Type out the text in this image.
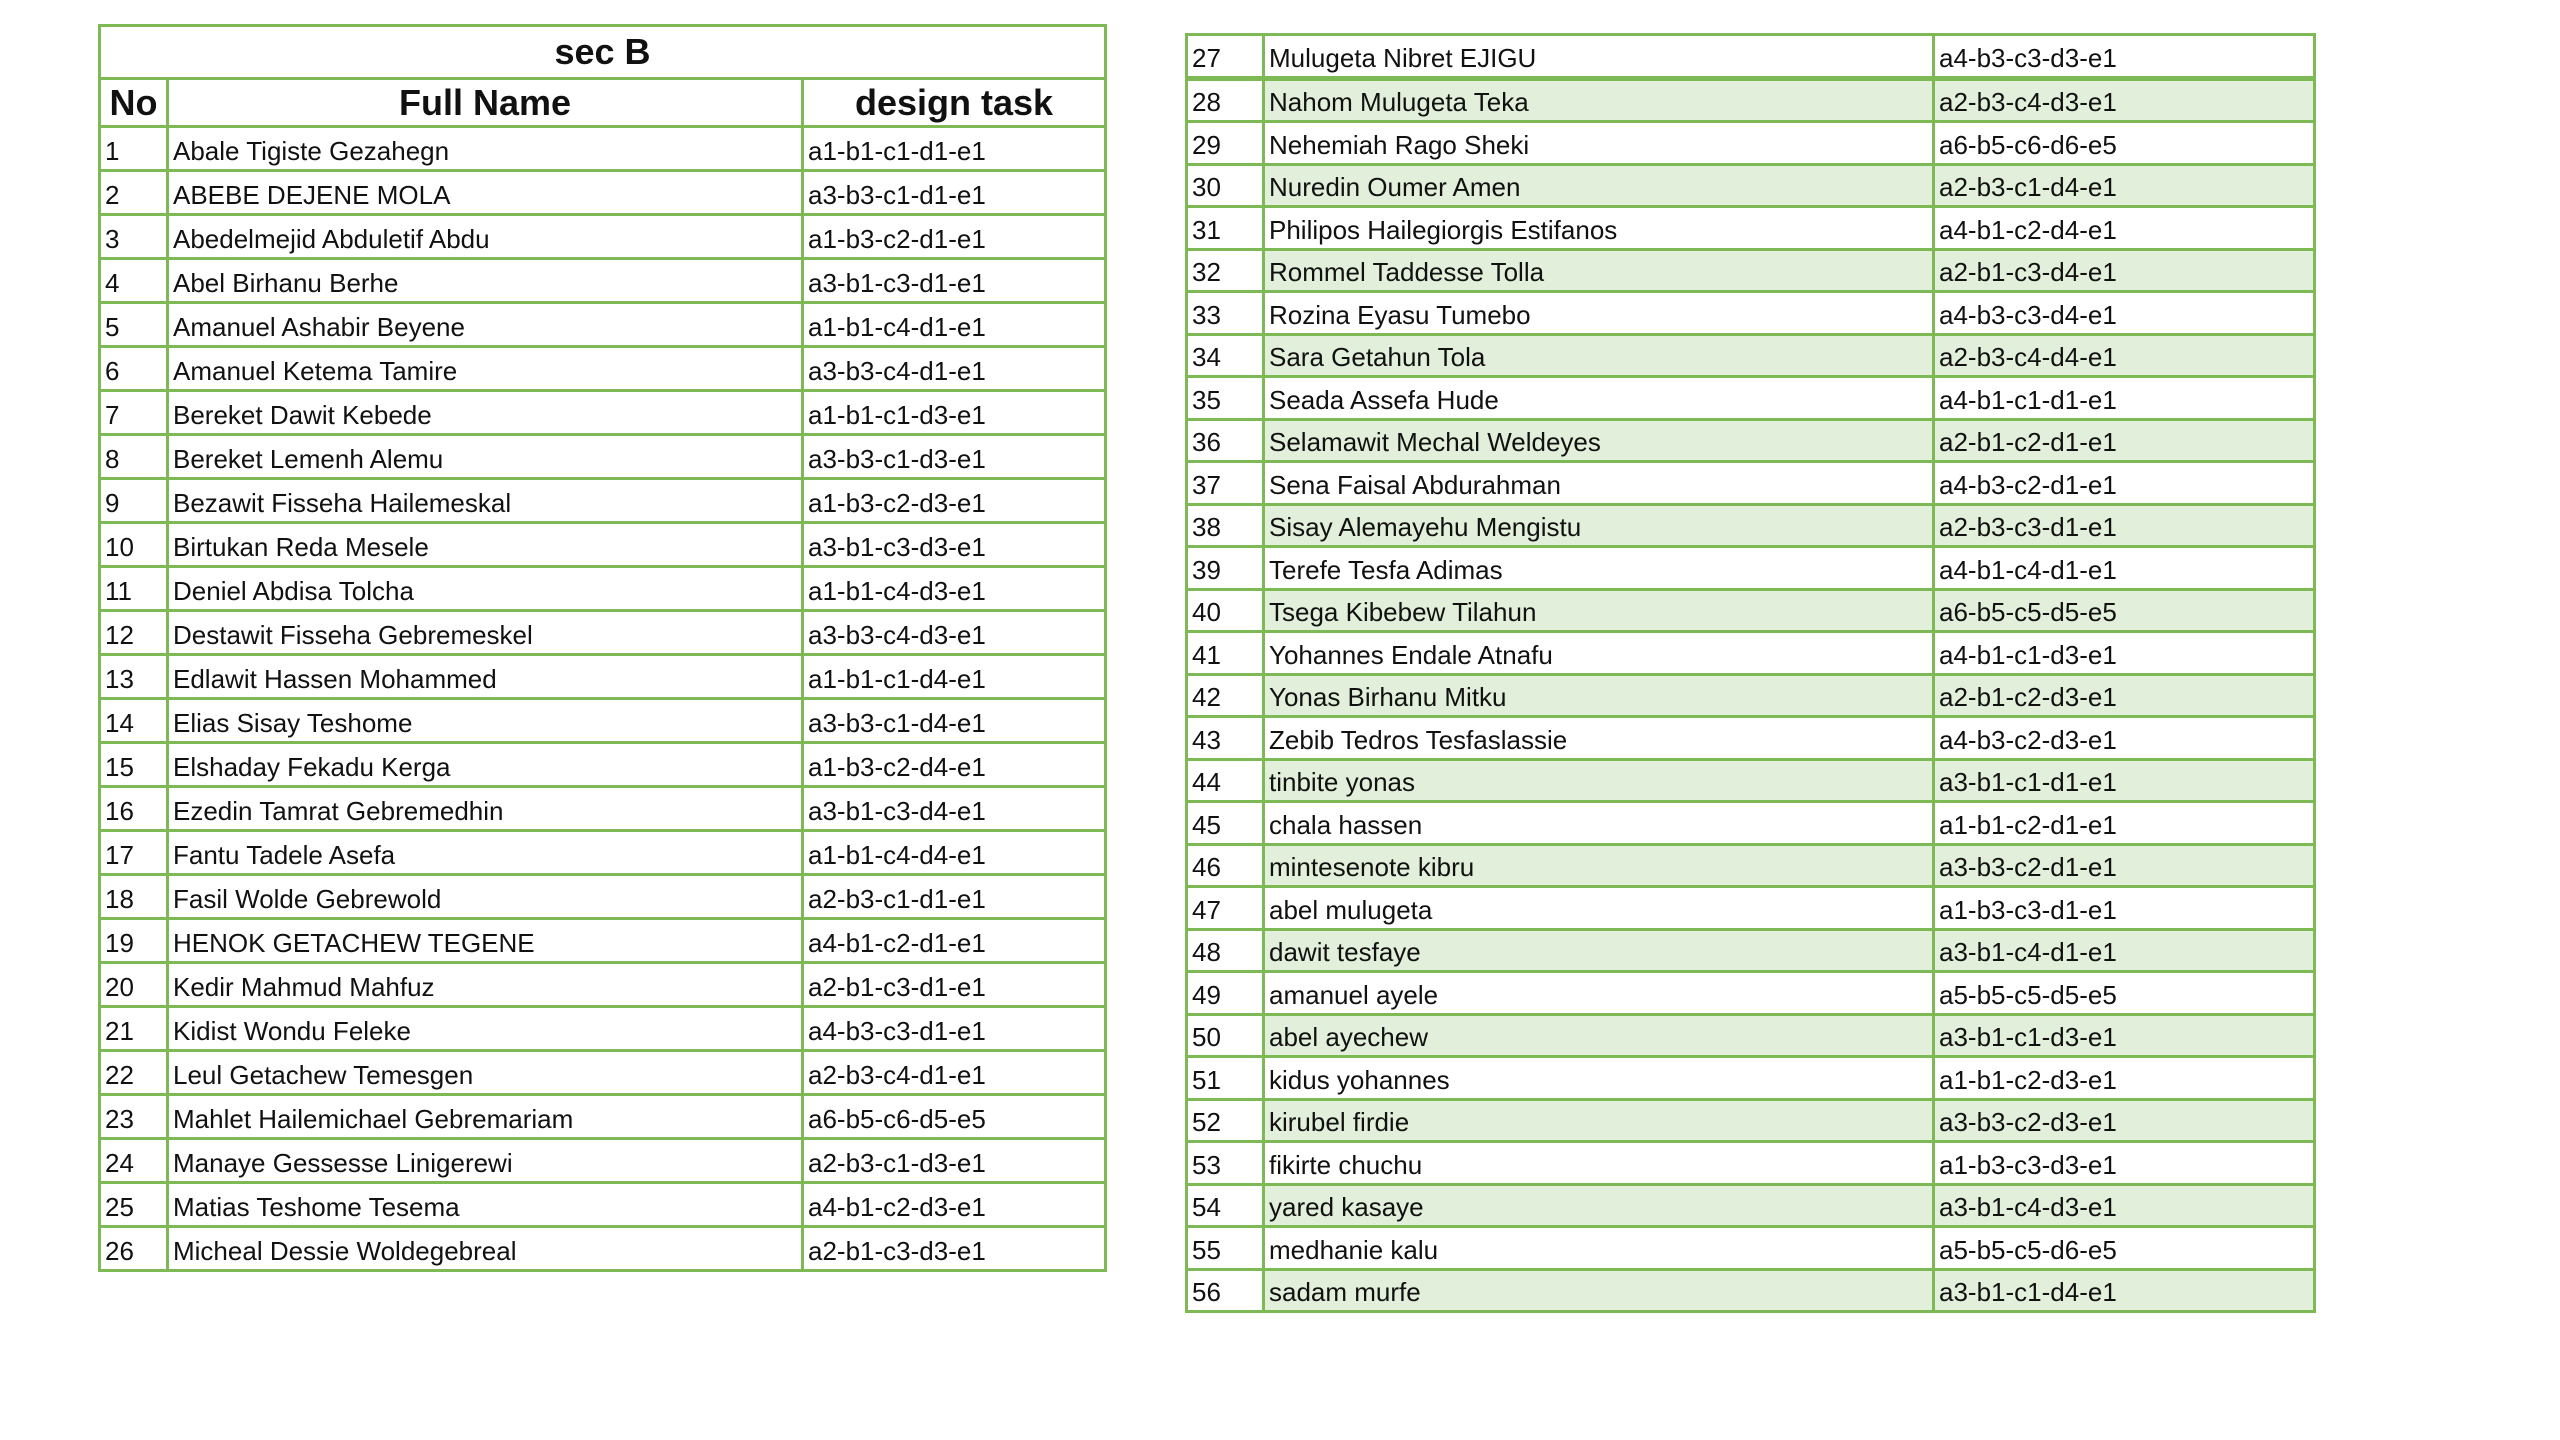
sec B		
No	Full Name	design task
1	Abale Tigiste Gezahegn	a1-b1-c1-d1-e1
2	ABEBE DEJENE MOLA	a3-b3-c1-d1-e1
3	Abedelmejid Abduletif Abdu	a1-b3-c2-d1-e1
4	Abel Birhanu Berhe	a3-b1-c3-d1-e1
5	Amanuel Ashabir Beyene	a1-b1-c4-d1-e1
6	Amanuel Ketema Tamire	a3-b3-c4-d1-e1
7	Bereket Dawit Kebede	a1-b1-c1-d3-e1
8	Bereket Lemenh Alemu	a3-b3-c1-d3-e1
9	Bezawit Fisseha Hailemeskal	a1-b3-c2-d3-e1
10	Birtukan Reda Mesele	a3-b1-c3-d3-e1
11	Deniel Abdisa Tolcha	a1-b1-c4-d3-e1
12	Destawit Fisseha Gebremeskel	a3-b3-c4-d3-e1
13	Edlawit Hassen Mohammed	a1-b1-c1-d4-e1
14	Elias Sisay Teshome	a3-b3-c1-d4-e1
15	Elshaday Fekadu Kerga	a1-b3-c2-d4-e1
16	Ezedin Tamrat Gebremedhin	a3-b1-c3-d4-e1
17	Fantu Tadele Asefa	a1-b1-c4-d4-e1
18	Fasil Wolde Gebrewold	a2-b3-c1-d1-e1
19	HENOK GETACHEW TEGENE	a4-b1-c2-d1-e1
20	Kedir Mahmud Mahfuz	a2-b1-c3-d1-e1
21	Kidist Wondu Feleke	a4-b3-c3-d1-e1
22	Leul Getachew Temesgen	a2-b3-c4-d1-e1
23	Mahlet Hailemichael Gebremariam	a6-b5-c6-d5-e5
24	Manaye Gessesse Linigerewi	a2-b3-c1-d3-e1
25	Matias Teshome Tesema	a4-b1-c2-d3-e1
26	Micheal Dessie Woldegebreal	a2-b1-c3-d3-e1
27	Mulugeta Nibret EJIGU	a4-b3-c3-d3-e1
28	Nahom Mulugeta Teka	a2-b3-c4-d3-e1
29	Nehemiah Rago Sheki	a6-b5-c6-d6-e5
30	Nuredin Oumer Amen	a2-b3-c1-d4-e1
31	Philipos Hailegiorgis Estifanos	a4-b1-c2-d4-e1
32	Rommel Taddesse Tolla	a2-b1-c3-d4-e1
33	Rozina Eyasu Tumebo	a4-b3-c3-d4-e1
34	Sara Getahun Tola	a2-b3-c4-d4-e1
35	Seada Assefa Hude	a4-b1-c1-d1-e1
36	Selamawit Mechal Weldeyes	a2-b1-c2-d1-e1
37	Sena Faisal Abdurahman	a4-b3-c2-d1-e1
38	Sisay Alemayehu Mengistu	a2-b3-c3-d1-e1
39	Terefe Tesfa Adimas	a4-b1-c4-d1-e1
40	Tsega Kibebew Tilahun	a6-b5-c5-d5-e5
41	Yohannes Endale Atnafu	a4-b1-c1-d3-e1
42	Yonas Birhanu Mitku	a2-b1-c2-d3-e1
43	Zebib Tedros Tesfaslassie	a4-b3-c2-d3-e1
44	tinbite yonas	a3-b1-c1-d1-e1
45	chala hassen	a1-b1-c2-d1-e1
46	mintesenote kibru	a3-b3-c2-d1-e1
47	abel mulugeta	a1-b3-c3-d1-e1
48	dawit tesfaye	a3-b1-c4-d1-e1
49	amanuel ayele	a5-b5-c5-d5-e5
50	abel ayechew	a3-b1-c1-d3-e1
51	kidus yohannes	a1-b1-c2-d3-e1
52	kirubel firdie	a3-b3-c2-d3-e1
53	fikirte chuchu	a1-b3-c3-d3-e1
54	yared kasaye	a3-b1-c4-d3-e1
55	medhanie kalu	a5-b5-c5-d6-e5
56	sadam murfe	a3-b1-c1-d4-e1
